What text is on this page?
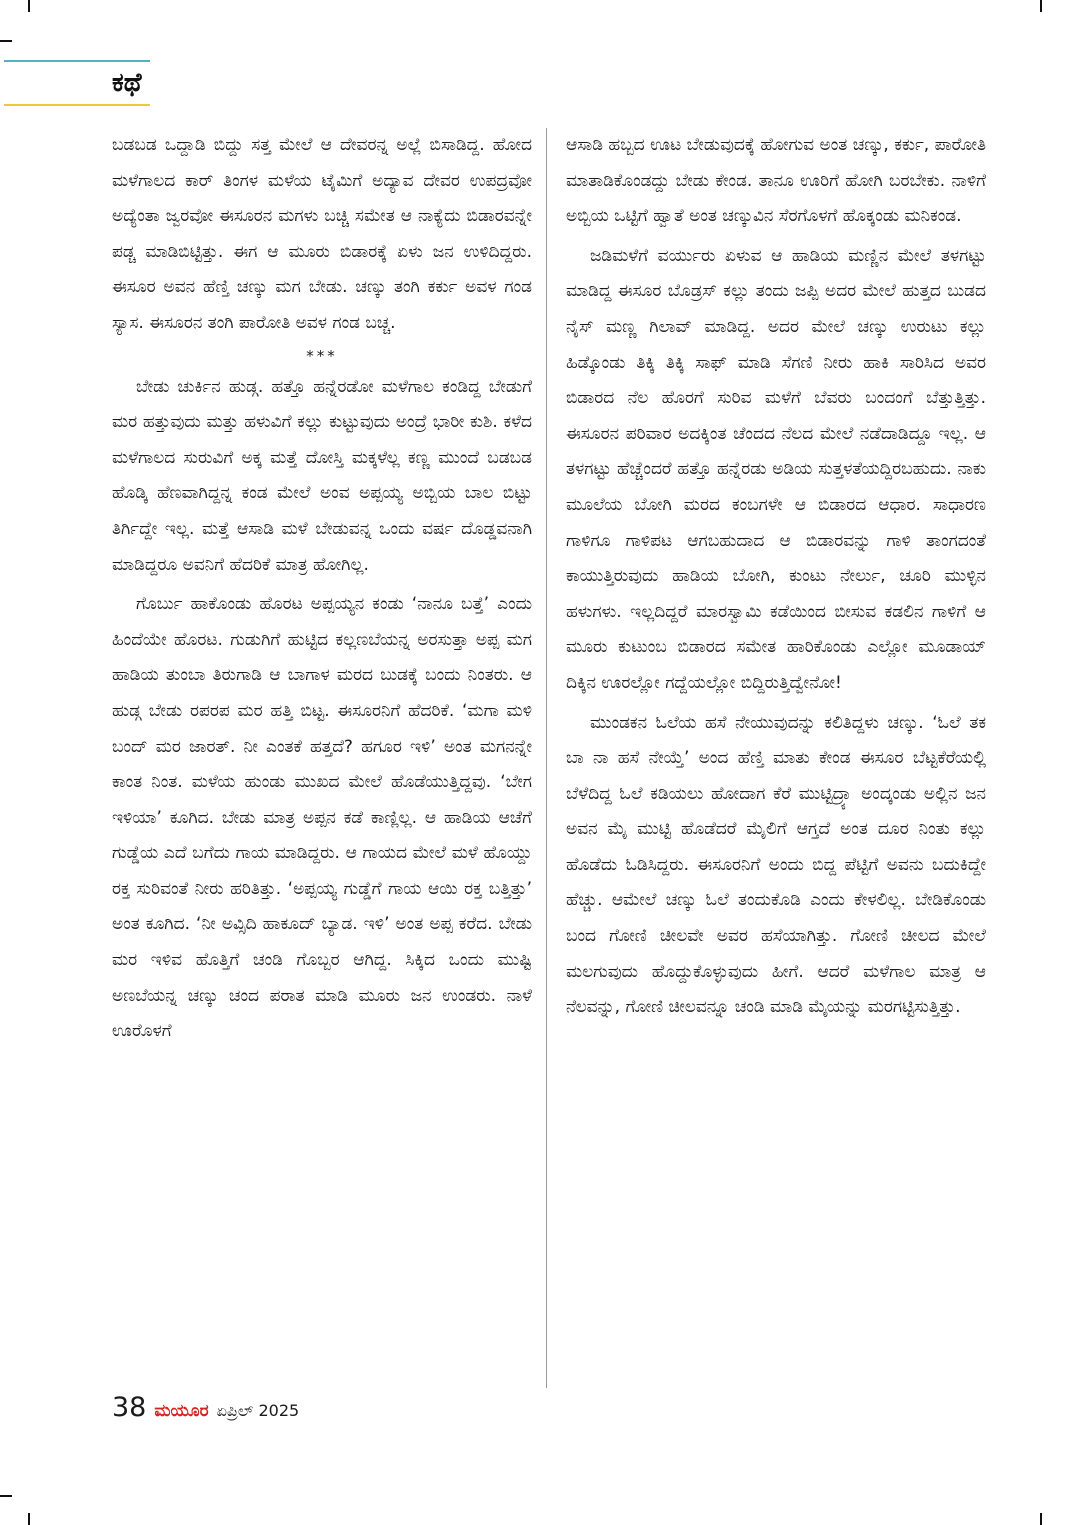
ಕಥೆ

ಬಡಬಡ ಒದ್ದಾಡಿ ಬಿದ್ದು ಸತ್ತ ಮೇಲೆ ಆ ದೇವರನ್ನ ಅಲ್ಲೆ ಬಿಸಾಡಿದ್ದ. ಹೋದ ಮಳೆಗಾಲದ ಕಾರ್ ತಿಂಗಳ ಮಳೆಯ ಟೈಮಿಗೆ ಅದ್ಯಾವ ದೇವರ ಉಪದ್ರವೋ ಅದ್ಯೆಂತಾ ಜ್ವರವೋ ಈಸೂರನ ಮಗಳು ಬಚ್ಚಿ ಸಮೇತ ಆ ನಾಕ್ಯೆದು ಬಿಡಾರವನ್ನೇ ಪಡ್ಚ ಮಾಡಿಬಿಟ್ಟಿತ್ತು. ಈಗ ಆ ಮೂರು ಬಿಡಾರಕ್ಕೆ ಏಳು ಜನ ಉಳಿದಿದ್ದರು. ಈಸೂರ ಅವನ ಹೆಣ್ತಿ ಚಣ್ಕು ಮಗ ಬೇಡು. ಚಣ್ಕು ತಂಗಿ ಕರ್ಕು ಅವಳ ಗಂಡ ಸ್ಯಾಸ. ಈಸೂರನ ತಂಗಿ ಪಾರೋತಿ ಅವಳ ಗಂಡ ಬಚ್ಚ.

***

ಬೇಡು ಚುರ್ಕಿನ ಹುಡ್ಗ. ಹತ್ತೊ ಹನ್ನೆರಡೋ ಮಳೆಗಾಲ ಕಂಡಿದ್ದ ಬೇಡುಗೆ ಮರ ಹತ್ತುವುದು ಮತ್ತು ಹಳುವಿಗೆ ಕಲ್ಲು ಕುಟ್ಟುವುದು ಅಂದ್ರೆ ಭಾರೀ ಕುಶಿ. ಕಳೆದ ಮಳೆಗಾಲದ ಸುರುವಿಗೆ ಅಕ್ಕ ಮತ್ತೆ ದೋಸ್ತಿ ಮಕ್ಕಳೆಲ್ಲ ಕಣ್ಣ ಮುಂದೆ ಬಡಬಡ ಹೊಡ್ಕಿ ಹೆಣವಾಗಿದ್ದನ್ನ ಕಂಡ ಮೇಲೆ ಅಂವ ಅಪ್ಪಯ್ಯ ಅಬ್ಬಿಯ ಬಾಲ ಬಿಟ್ಟು ತಿರ್ಗಿದ್ದೇ ಇಲ್ಲ. ಮತ್ತೆ ಆಸಾಡಿ ಮಳೆ ಬೇಡುವನ್ನ ಒಂದು ವರ್ಷ ದೊಡ್ಡವನಾಗಿ ಮಾಡಿದ್ದರೂ ಅವನಿಗೆ ಹೆದರಿಕೆ ಮಾತ್ರ ಹೋಗಿಲ್ಲ.

ಗೊರ್ಬು ಹಾಕೊಂಡು ಹೊರಟ ಅಪ್ಪಯ್ಯನ ಕಂಡು ‘ನಾನೂ ಬತ್ತೆ’ ಎಂದು ಹಿಂದೆಯೇ ಹೊರಟ. ಗುಡುಗಿಗೆ ಹುಟ್ಟಿದ ಕಲ್ಲಣಬೆಯನ್ನ ಅರಸುತ್ತಾ ಅಪ್ಪ ಮಗ ಹಾಡಿಯ ತುಂಬಾ ತಿರುಗಾಡಿ ಆ ಬಾಗಾಳ ಮರದ ಬುಡಕ್ಕೆ ಬಂದು ನಿಂತರು. ಆ ಹುಡ್ಗ ಬೇಡು ರಪರಪ ಮರ ಹತ್ತಿ ಬಿಟ್ಟ. ಈಸೂರನಿಗೆ ಹೆದರಿಕೆ. ‘ಮಗಾ ಮಳಿ ಬಂದ್ ಮರ ಜಾರತ್. ನೀ ಎಂತಕೆ ಹತ್ತದೆ? ಹಗೂರ ಇಳಿ’ ಅಂತ ಮಗನನ್ನೇ ಕಾಂತ ನಿಂತ. ಮಳೆಯ ಹುಂಡು ಮುಖದ ಮೇಲೆ ಹೊಡೆಯುತ್ತಿದ್ದವು. ‘ಬೇಗ ಇಳಿಯಾ’ ಕೂಗಿದ. ಬೇಡು ಮಾತ್ರ ಅಪ್ಪನ ಕಡೆ ಕಾಣ್ಲಿಲ್ಲ. ಆ ಹಾಡಿಯ ಆಚೆಗೆ ಗುಡ್ಡೆಯ ಎದೆ ಬಗೆದು ಗಾಯ ಮಾಡಿದ್ದರು. ಆ ಗಾಯದ ಮೇಲೆ ಮಳೆ ಹೊಯ್ದು ರಕ್ತ ಸುರಿವಂತೆ ನೀರು ಹರಿತಿತ್ತು. ‘ಅಪ್ಪಯ್ಯ ಗುಡ್ಡೆಗೆ ಗಾಯ ಆಯಿ ರಕ್ತ ಬತ್ತಿತ್ತು’ ಅಂತ ಕೂಗಿದ. ‘ನೀ ಅವ್ಸಿದಿ ಹಾಕೂದ್ ಬ್ಯಾಡ. ಇಳಿ’ ಅಂತ ಅಪ್ಪ ಕರೆದ. ಬೇಡು ಮರ ಇಳಿವ ಹೊತ್ತಿಗೆ ಚಂಡಿ ಗೊಬ್ಬರ ಆಗಿದ್ದ. ಸಿಕ್ಕಿದ ಒಂದು ಮುಷ್ಟಿ ಅಣಬೆಯನ್ನ ಚಣ್ಕು ಚಂದ ಪರಾತ ಮಾಡಿ ಮೂರು ಜನ ಉಂಡರು. ನಾಳೆ ಊರೊಳಗೆ

ಆಸಾಡಿ ಹಬ್ಬದ ಊಟ ಬೇಡುವುದಕ್ಕೆ ಹೋಗುವ ಅಂತ ಚಣ್ಕು, ಕರ್ಕು, ಪಾರೋತಿ ಮಾತಾಡಿಕೊಂಡದ್ದು ಬೇಡು ಕೇಂಡ. ತಾನೂ ಊರಿಗೆ ಹೋಗಿ ಬರಬೇಕು. ನಾಳಿಗೆ ಅಬ್ಬಿಯ ಒಟ್ಟಿಗೆ ಹ್ವಾತೆ ಅಂತ ಚಣ್ಕುವಿನ ಸೆರಗೊಳಗೆ ಹೊಕ್ಕಂಡು ಮನಿಕಂಡ.

ಜಡಿಮಳೆಗೆ ವರ್ಯುರು ಏಳುವ ಆ ಹಾಡಿಯ ಮಣ್ಣಿನ ಮೇಲೆ ತಳಗಟ್ಟು ಮಾಡಿದ್ದ ಈಸೂರ ಬೊಡ್ರಸ್ ಕಲ್ಲು ತಂದು ಜಪ್ಪಿ ಅದರ ಮೇಲೆ ಹುತ್ತದ ಬುಡದ ನೈಸ್ ಮಣ್ಣ ಗಿಲಾವ್ ಮಾಡಿದ್ದ. ಅದರ ಮೇಲೆ ಚಣ್ಕು ಉರುಟು ಕಲ್ಲು ಹಿಡ್ಕೊಂಡು ತಿಕ್ಕಿ ತಿಕ್ಕಿ ಸಾಫ್ ಮಾಡಿ ಸೆಗಣಿ ನೀರು ಹಾಕಿ ಸಾರಿಸಿದ ಅವರ ಬಿಡಾರದ ನೆಲ ಹೊರಗೆ ಸುರಿವ ಮಳೆಗೆ ಬೆವರು ಬಂದಂಗೆ ಬೆತ್ತುತ್ತಿತ್ತು. ಈಸೂರನ ಪರಿವಾರ ಅದಕ್ಕಿಂತ ಚೆಂದದ ನೆಲದ ಮೇಲೆ ನಡೆದಾಡಿದ್ದೂ ಇಲ್ಲ. ಆ ತಳಗಟ್ಟು ಹೆಚ್ಚೆಂದರೆ ಹತ್ತೊ ಹನ್ನೆರಡು ಅಡಿಯ ಸುತ್ತಳತೆಯದ್ದಿರಬಹುದು. ನಾಕು ಮೂಲೆಯ ಬೋಗಿ ಮರದ ಕಂಬಗಳೇ ಆ ಬಿಡಾರದ ಆಧಾರ. ಸಾಧಾರಣ ಗಾಳಿಗೂ ಗಾಳಿಪಟ ಆಗಬಹುದಾದ ಆ ಬಿಡಾರವನ್ನು ಗಾಳಿ ತಾಂಗದಂತೆ ಕಾಯುತ್ತಿರುವುದು ಹಾಡಿಯ ಬೋಗಿ, ಕುಂಟು ನೇರ್ಲು, ಚೂರಿ ಮುಳ್ಳಿನ ಹಳುಗಳು. ಇಲ್ಲದಿದ್ದರೆ ಮಾರಸ್ವಾಮಿ ಕಡೆಯಿಂದ ಬೀಸುವ ಕಡಲಿನ ಗಾಳಿಗೆ ಆ ಮೂರು ಕುಟುಂಬ ಬಿಡಾರದ ಸಮೇತ ಹಾರಿಕೊಂಡು ಎಲ್ಲೋ ಮೂಡಾಯ್ ದಿಕ್ಕಿನ ಊರಲ್ಲೋ ಗದ್ದೆಯಲ್ಲೋ ಬಿದ್ದಿರುತ್ತಿದ್ವೇನೋ!

ಮುಂಡಕನ ಓಲೆಯ ಹಸೆ ನೇಯುವುದನ್ನು ಕಲಿತಿದ್ದಳು ಚಣ್ಕು. ‘ಓಲೆ ತಕ ಬಾ ನಾ ಹಸೆ ನೇಯ್ತೆ’ ಅಂದ ಹೆಣ್ತಿ ಮಾತು ಕೇಂಡ ಈಸೂರ ಬೆಟ್ಟಕೆರೆಯಲ್ಲಿ ಬೆಳೆದಿದ್ದ ಓಲೆ ಕಡಿಯಲು ಹೋದಾಗ ಕೆರೆ ಮುಟ್ಟಿದ್ರ್ಯಾ ಅಂದ್ಕಂಡು ಅಲ್ಲಿನ ಜನ ಅವನ ಮೈ ಮುಟ್ಟಿ ಹೊಡೆದರೆ ಮೈಲಿಗೆ ಆಗ್ತದೆ ಅಂತ ದೂರ ನಿಂತು ಕಲ್ಲು ಹೊಡೆದು ಓಡಿಸಿದ್ದರು. ಈಸೂರನಿಗೆ ಅಂದು ಬಿದ್ದ ಪೆಟ್ಟಿಗೆ ಅವನು ಬದುಕಿದ್ದೇ ಹೆಚ್ಚು. ಆಮೇಲೆ ಚಣ್ಕು ಓಲೆ ತಂದುಕೊಡಿ ಎಂದು ಕೇಳಲಿಲ್ಲ. ಬೇಡಿಕೊಂಡು ಬಂದ ಗೋಣಿ ಚೀಲವೇ ಅವರ ಹಸೆಯಾಗಿತ್ತು. ಗೋಣಿ ಚೀಲದ ಮೇಲೆ ಮಲಗುವುದು ಹೊದ್ದುಕೊಳ್ಳುವುದು ಹೀಗೆ. ಆದರೆ ಮಳೆಗಾಲ ಮಾತ್ರ ಆ ನೆಲವನ್ನು, ಗೋಣಿ ಚೀಲವನ್ನೂ ಚಂಡಿ ಮಾಡಿ ಮೈಯನ್ನು ಮರಗಟ್ಟಿಸುತ್ತಿತ್ತು.

38 ಮಯೂರ ಏಪ್ರಿಲ್ 2025
